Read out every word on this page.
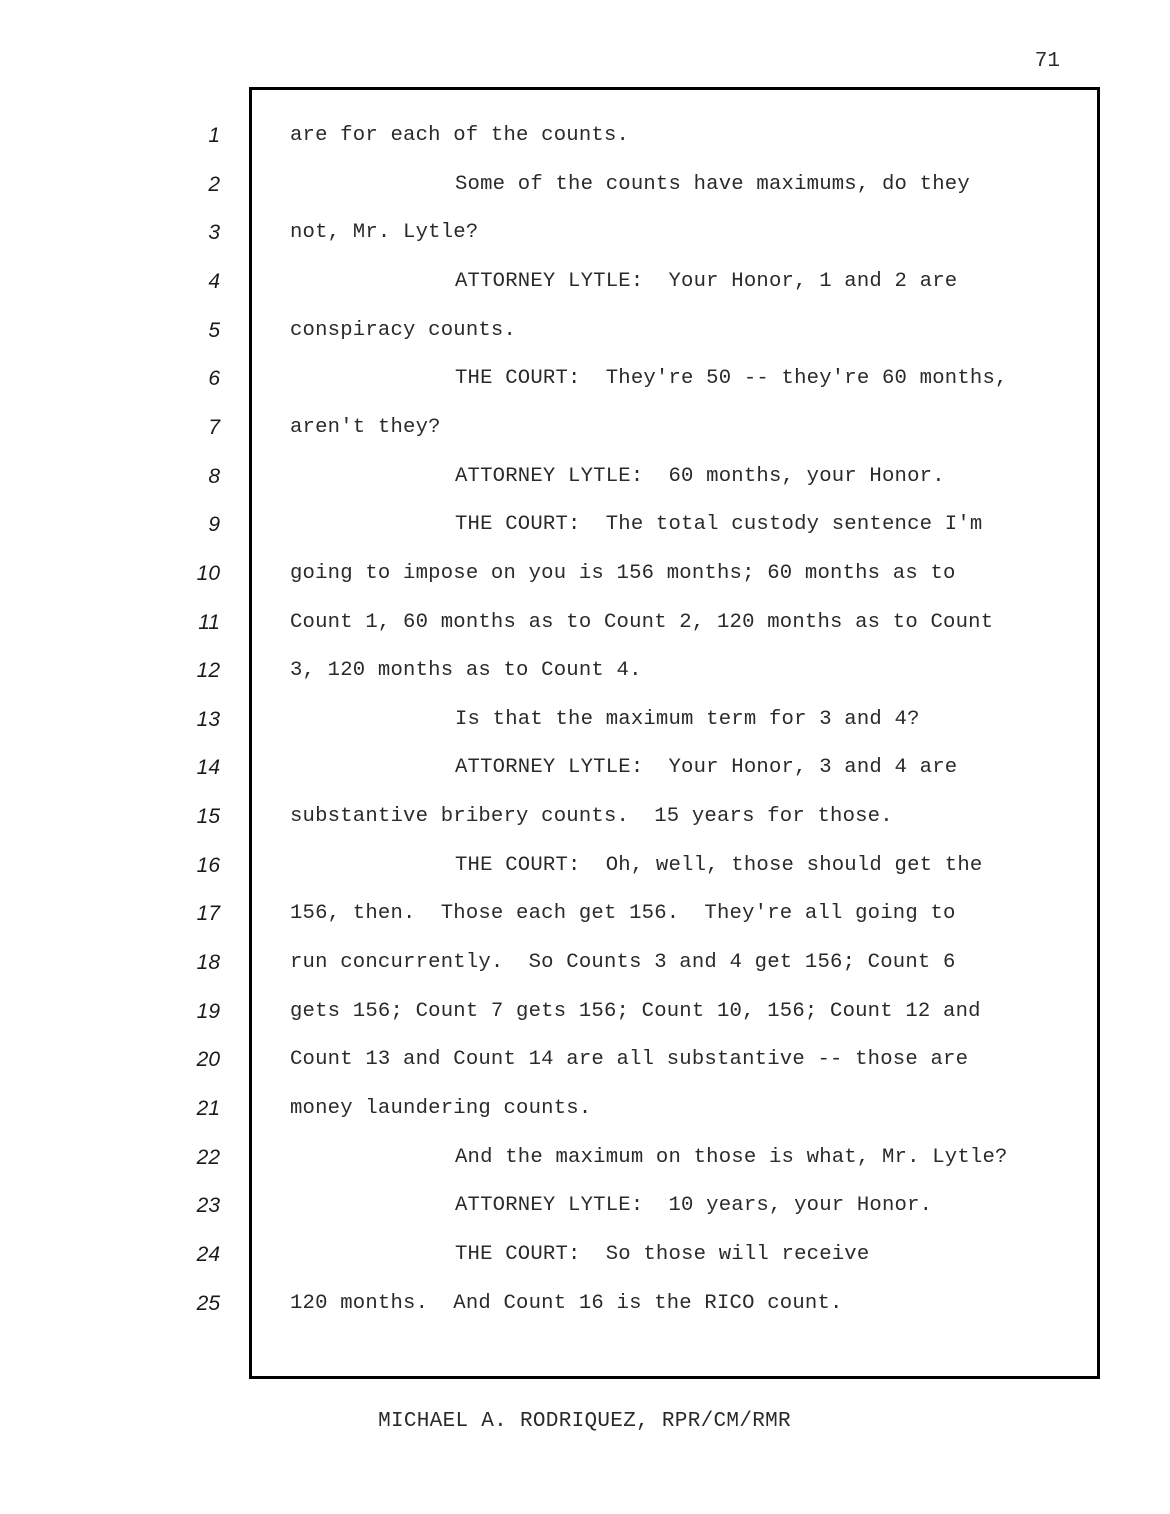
71
1
2
3
4
5
6
7
8
9
10
11
12
13
14
15
16
17
18
19
20
21
22
23
24
25
are for each of the counts.
Some of the counts have maximums, do they
not, Mr. Lytle?
ATTORNEY LYTLE:  Your Honor, 1 and 2 are
conspiracy counts.
THE COURT:  They're 50 -- they're 60 months,
aren't they?
ATTORNEY LYTLE:  60 months, your Honor.
THE COURT:  The total custody sentence I'm
going to impose on you is 156 months; 60 months as to
Count 1, 60 months as to Count 2, 120 months as to Count
3, 120 months as to Count 4.
Is that the maximum term for 3 and 4?
ATTORNEY LYTLE:  Your Honor, 3 and 4 are
substantive bribery counts.  15 years for those.
THE COURT:  Oh, well, those should get the
156, then.  Those each get 156.  They're all going to
run concurrently.  So Counts 3 and 4 get 156; Count 6
gets 156; Count 7 gets 156; Count 10, 156; Count 12 and
Count 13 and Count 14 are all substantive -- those are
money laundering counts.
And the maximum on those is what, Mr. Lytle?
ATTORNEY LYTLE:  10 years, your Honor.
THE COURT:  So those will receive
120 months.  And Count 16 is the RICO count.
MICHAEL A. RODRIQUEZ, RPR/CM/RMR
